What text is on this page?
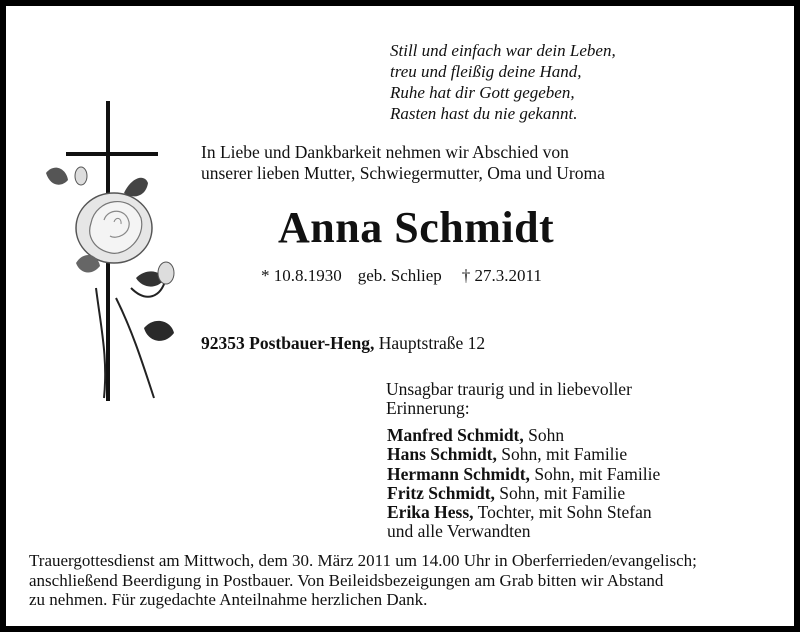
Still und einfach war dein Leben,
treu und fleißig deine Hand,
Ruhe hat dir Gott gegeben,
Rasten hast du nie gekannt.
In Liebe und Dankbarkeit nehmen wir Abschied von
unserer lieben Mutter, Schwiegermutter, Oma und Uroma
Anna Schmidt
* 10.8.1930 geb. Schliep † 27.3.2011
92353 Postbauer-Heng, Hauptstraße 12
Unsagbar traurig und in liebevoller
Erinnerung:
Manfred Schmidt, Sohn
Hans Schmidt, Sohn, mit Familie
Hermann Schmidt, Sohn, mit Familie
Fritz Schmidt, Sohn, mit Familie
Erika Hess, Tochter, mit Sohn Stefan
und alle Verwandten
Trauergottesdienst am Mittwoch, dem 30. März 2011 um 14.00 Uhr in Oberferrieden/evangelisch;
anschließend Beerdigung in Postbauer. Von Beileidsbezeigungen am Grab bitten wir Abstand
zu nehmen. Für zugedachte Anteilnahme herzlichen Dank.
